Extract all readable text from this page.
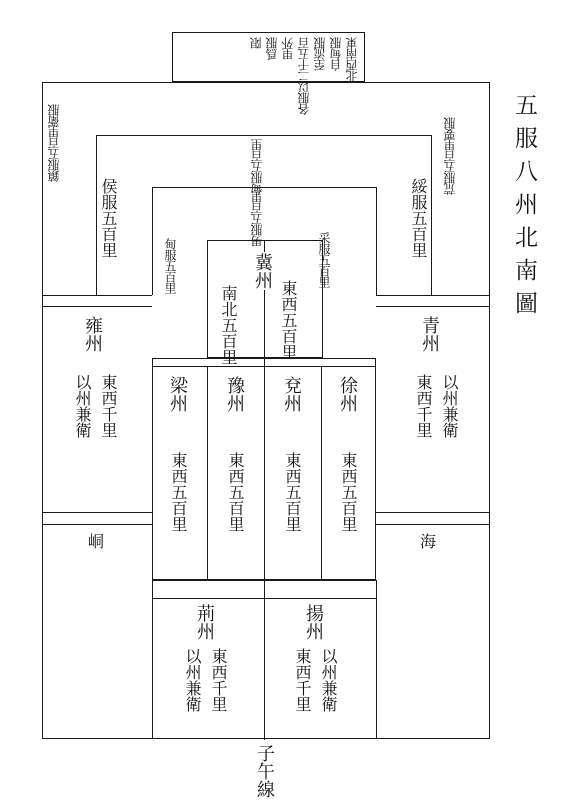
五服八州北南圖
北西南東
自甸服
至流服
各服以二千五百
里外
爲服
限
鎮服五百里衛服	荒服五百里要服
甸服五百里
侯服五百里	綏服五百里
男服五百里
甸服五百里	采服五百里
冀州
東西五百里
南北五百里
梁州
東西五百里
豫州
東西五百里
兗州
東西五百里
徐州
東西五百里
雍州
東西千里
以州兼衛
峒
青州
東西千里 以州兼衛
海
荊州
東西千里
以州兼衛
揚州
東西千里 以州兼衛
子午線
